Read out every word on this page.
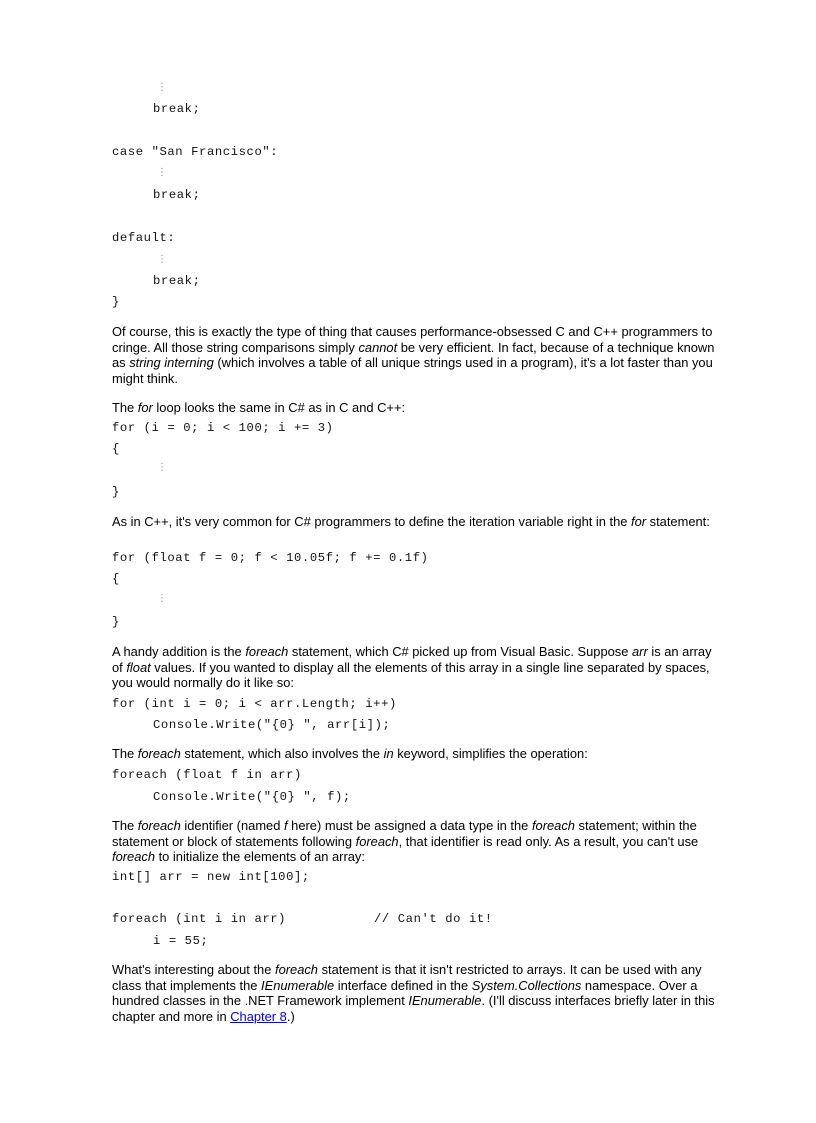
⋮
break;
case "San Francisco":
⋮
break;
default:
⋮
break;
}
Of course, this is exactly the type of thing that causes performance-obsessed C and C++ programmers to cringe. All those string comparisons simply cannot be very efficient. In fact, because of a technique known as string interning (which involves a table of all unique strings used in a program), it's a lot faster than you might think.
The for loop looks the same in C# as in C and C++:
for (i = 0; i < 100; i += 3)
{
⋮
}
As in C++, it's very common for C# programmers to define the iteration variable right in the for statement:
for (float f = 0; f < 10.05f; f += 0.1f)
{
⋮
}
A handy addition is the foreach statement, which C# picked up from Visual Basic. Suppose arr is an array of float values. If you wanted to display all the elements of this array in a single line separated by spaces, you would normally do it like so:
for (int i = 0; i < arr.Length; i++)
Console.Write("{0} ", arr[i]);
The foreach statement, which also involves the in keyword, simplifies the operation:
foreach (float f in arr)
Console.Write("{0} ", f);
The foreach identifier (named f here) must be assigned a data type in the foreach statement; within the statement or block of statements following foreach, that identifier is read only. As a result, you can't use foreach to initialize the elements of an array:
int[] arr = new int[100];
foreach (int i in arr)	// Can't do it!
i = 55;
What's interesting about the foreach statement is that it isn't restricted to arrays. It can be used with any class that implements the IEnumerable interface defined in the System.Collections namespace. Over a hundred classes in the .NET Framework implement IEnumerable. (I'll discuss interfaces briefly later in this chapter and more in Chapter 8.)
